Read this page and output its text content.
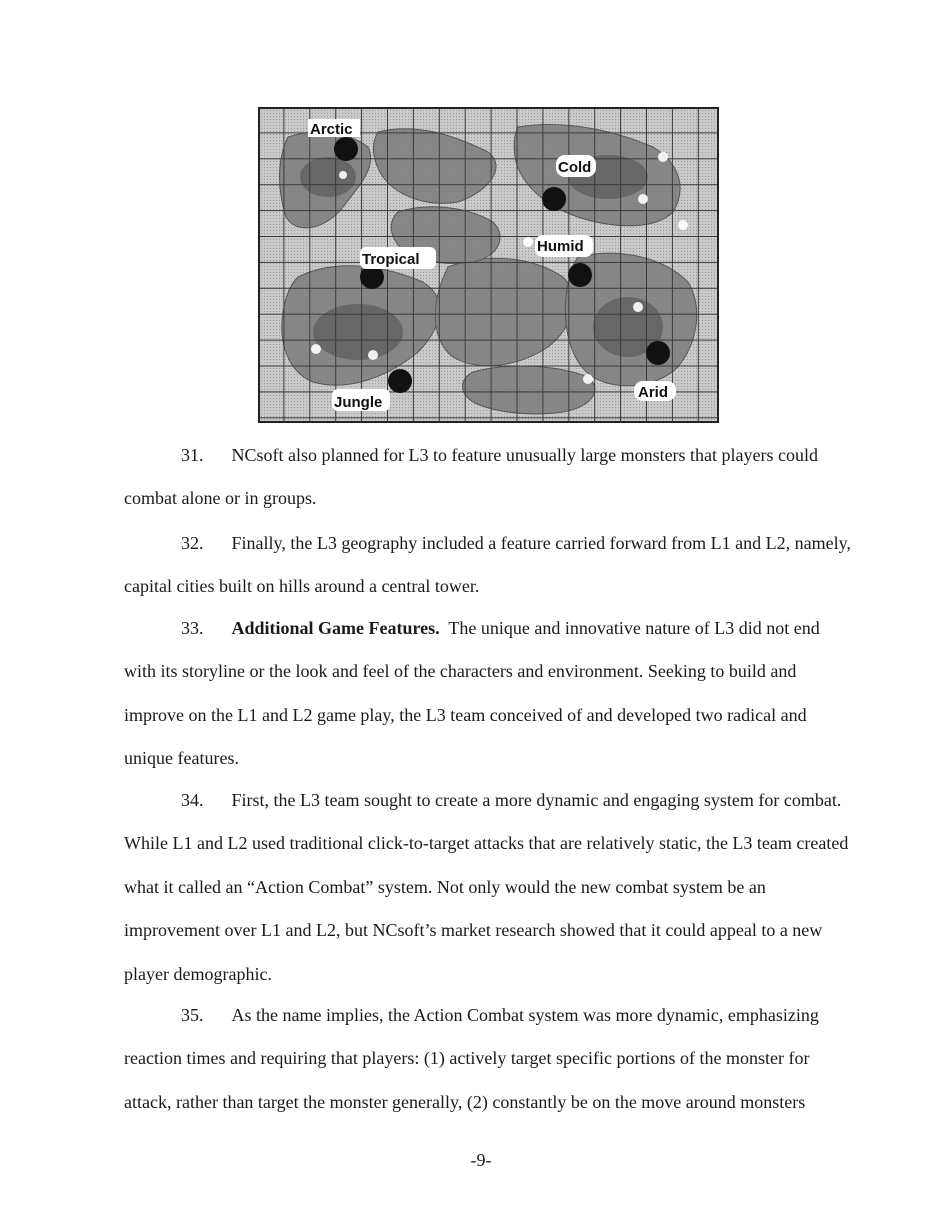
Arctic
Cold
Humid
Tropical
Jungle
Arid

31. NCsoft also planned for L3 to feature unusually large monsters that players could combat alone or in groups.

32. Finally, the L3 geography included a feature carried forward from L1 and L2, namely, capital cities built on hills around a central tower.

33. Additional Game Features. The unique and innovative nature of L3 did not end with its storyline or the look and feel of the characters and environment. Seeking to build and improve on the L1 and L2 game play, the L3 team conceived of and developed two radical and unique features.

34. First, the L3 team sought to create a more dynamic and engaging system for combat. While L1 and L2 used traditional click-to-target attacks that are relatively static, the L3 team created what it called an “Action Combat” system. Not only would the new combat system be an improvement over L1 and L2, but NCsoft’s market research showed that it could appeal to a new player demographic.

35. As the name implies, the Action Combat system was more dynamic, emphasizing reaction times and requiring that players: (1) actively target specific portions of the monster for attack, rather than target the monster generally, (2) constantly be on the move around monsters

-9-
